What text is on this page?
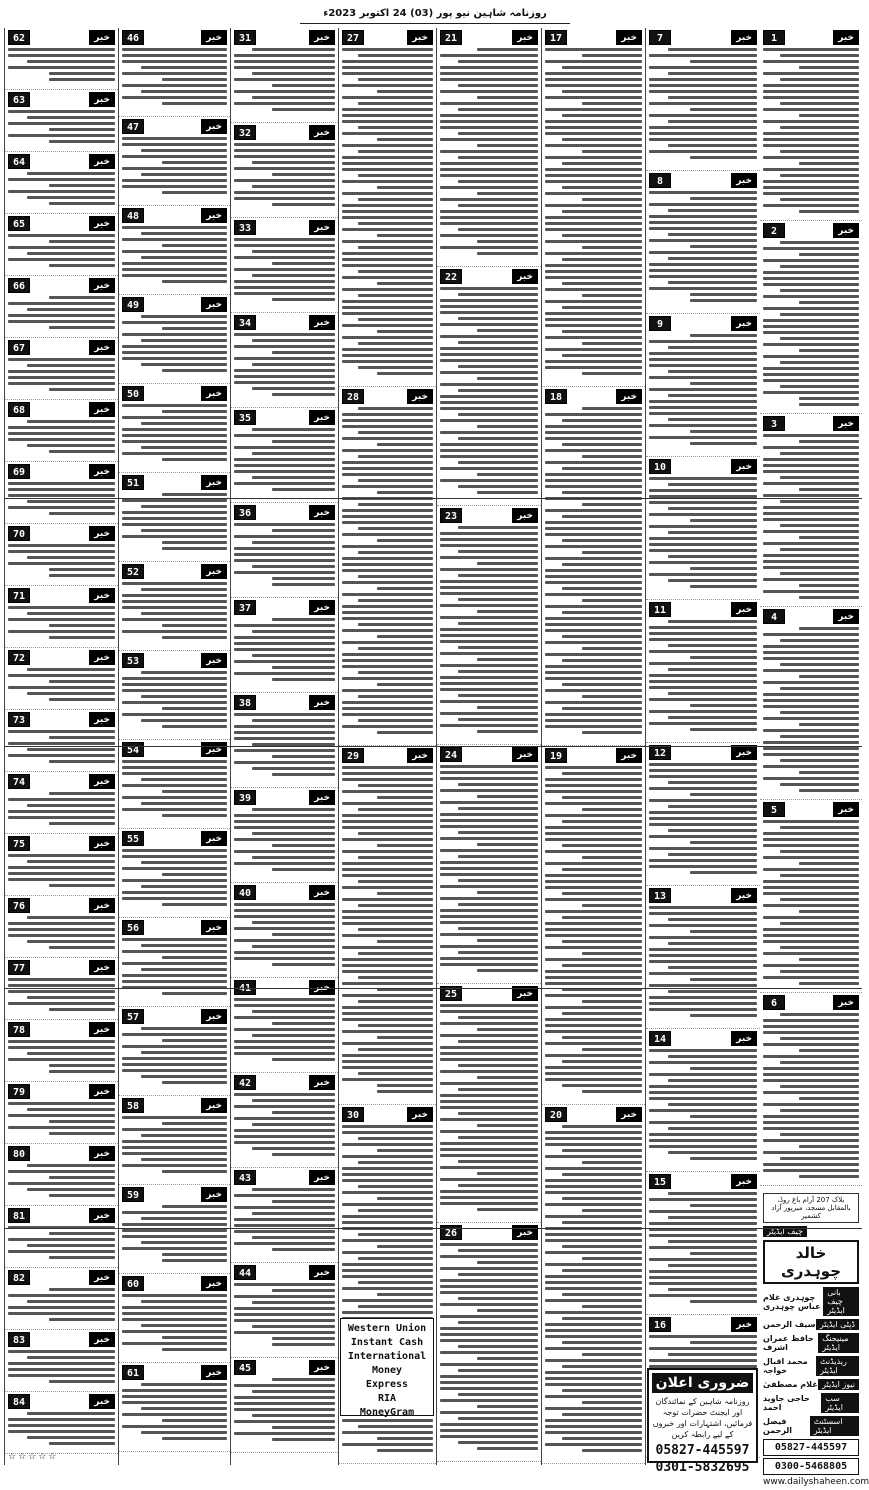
روزنامہ شاہین نیو پور (03) 24 اکتوبر 2023ء
1	خبر
2	خبر
3	خبر
4	خبر
5	خبر
6	خبر
7	خبر
8	خبر
9	خبر
10	خبر
11	خبر
12	خبر
13	خبر
14	خبر
15	خبر
16	خبر
17	خبر
18	خبر
19	خبر
20	خبر
21	خبر
22	خبر
23	خبر
24	خبر
25	خبر
26	خبر
27	خبر
28	خبر
29	خبر
30	خبر
31	خبر
32	خبر
33	خبر
34	خبر
35	خبر
36	خبر
37	خبر
38	خبر
39	خبر
40	خبر
41	خبر
42	خبر
43	خبر
44	خبر
45	خبر
46	خبر
47	خبر
48	خبر
49	خبر
50	خبر
51	خبر
52	خبر
53	خبر
54	خبر
55	خبر
56	خبر
57	خبر
58	خبر
59	خبر
60	خبر
61	خبر
62	خبر
63	خبر
64	خبر
65	خبر
66	خبر
67	خبر
68	خبر
69	خبر
70	خبر
71	خبر
72	خبر
73	خبر
74	خبر
75	خبر
76	خبر
77	خبر
78	خبر
79	خبر
80	خبر
81	خبر
82	خبر
83	خبر
84	خبر
بلاک 207 آرام باغ روڈ، بالمقابل مسجد، میرپور آزاد کشمیر
چیف ایڈیٹر
خالد چوہدری
چوہدری غلام عباس چوہدری
بانی چیف ایڈیٹر
سیف الرحمن ڈپٹی ایڈیٹر
حافظ عمران اشرف
مینیجنگ ایڈیٹر
محمد اقبال خواجہ
ریذیڈنٹ ایڈیٹر
غلام مصطفیٰ نیوز ایڈیٹر
حاجی جاوید احمد
سب ایڈیٹر
فیصل الرحمن
اسسٹنٹ ایڈیٹر
05827-445597
0300-5468805
www.dailyshaheen.com
ضروری اعلان
روزنامہ شاہین کے نمائندگان اور ایجنٹ حضرات توجہ فرمائیں، اشتہارات اور خبروں کے لیے رابطہ کریں
05827-445597
0301-5832695
Western Union
Instant Cash
International Money
Express
RIA
MoneyGram
☆☆☆☆☆
